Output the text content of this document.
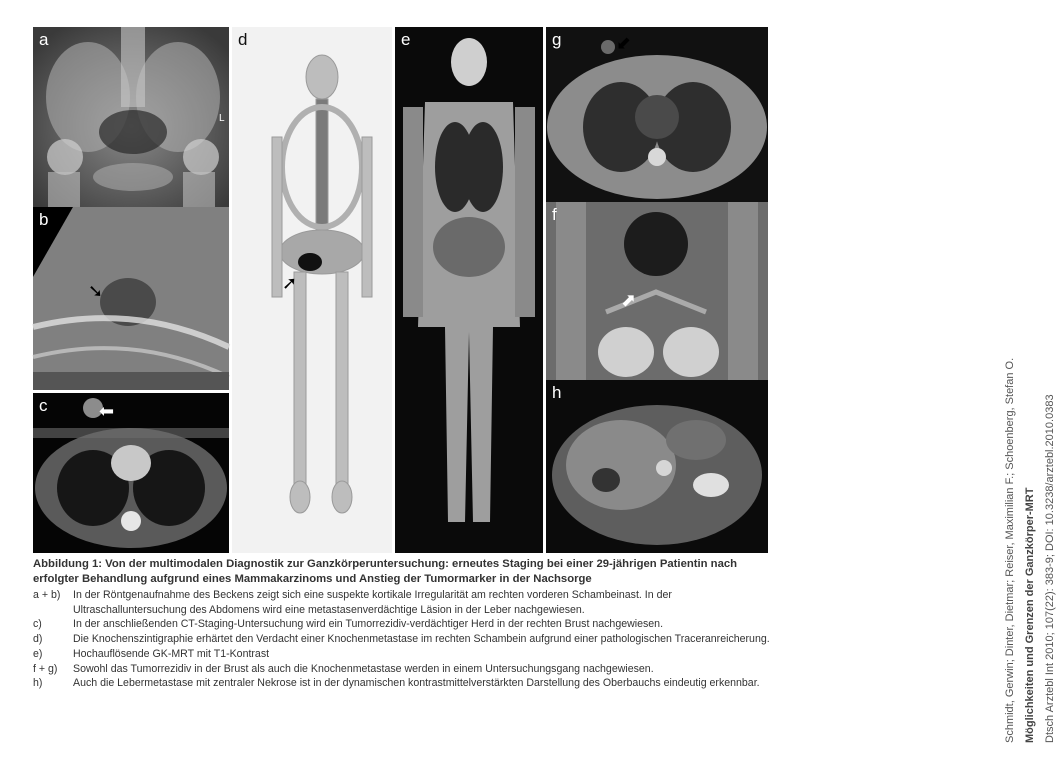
a
L
b
➘
c	⬅
d
➚
e	g	⬋
f
⬈
h
Abbildung 1: Von der multimodalen Diagnostik zur Ganzkörperuntersuchung: erneutes Staging bei einer 29-jährigen Patientin nach erfolgter Behandlung aufgrund eines Mammakarzinoms und Anstieg der Tumormarker in der Nachsorge
a + b)	In der Röntgenaufnahme des Beckens zeigt sich eine suspekte kortikale Irregularität am rechten vorderen Schambeinast. In der Ultraschalluntersuchung des Abdomens wird eine metastasenverdächtige Läsion in der Leber nachgewiesen.
c)	In der anschließenden CT-Staging-Untersuchung wird ein Tumorrezidiv-verdächtiger Herd in der rechten Brust nachgewiesen.
d)	Die Knochenszintigraphie erhärtet den Verdacht einer Knochenmetastase im rechten Schambein aufgrund einer pathologischen Traceranreicherung.
e)	Hochauflösende GK-MRT mit T1-Kontrast
f + g)	Sowohl das Tumorrezidiv in der Brust als auch die Knochenmetastase werden in einem Untersuchungsgang nachgewiesen.
h)	Auch die Lebermetastase mit zentraler Nekrose ist in der dynamischen kontrastmittelverstärkten Darstellung des Oberbauchs eindeutig erkennbar.	Schmidt, Gerwin; Dinter, Dietmar; Reiser, Maximilian F.; Schoenberg, Stefan O. Möglichkeiten und Grenzen der Ganzkörper-MRT Dtsch Arztebl Int 2010; 107(22): 383-9; DOI: 10.3238/arztebl.2010.0383
